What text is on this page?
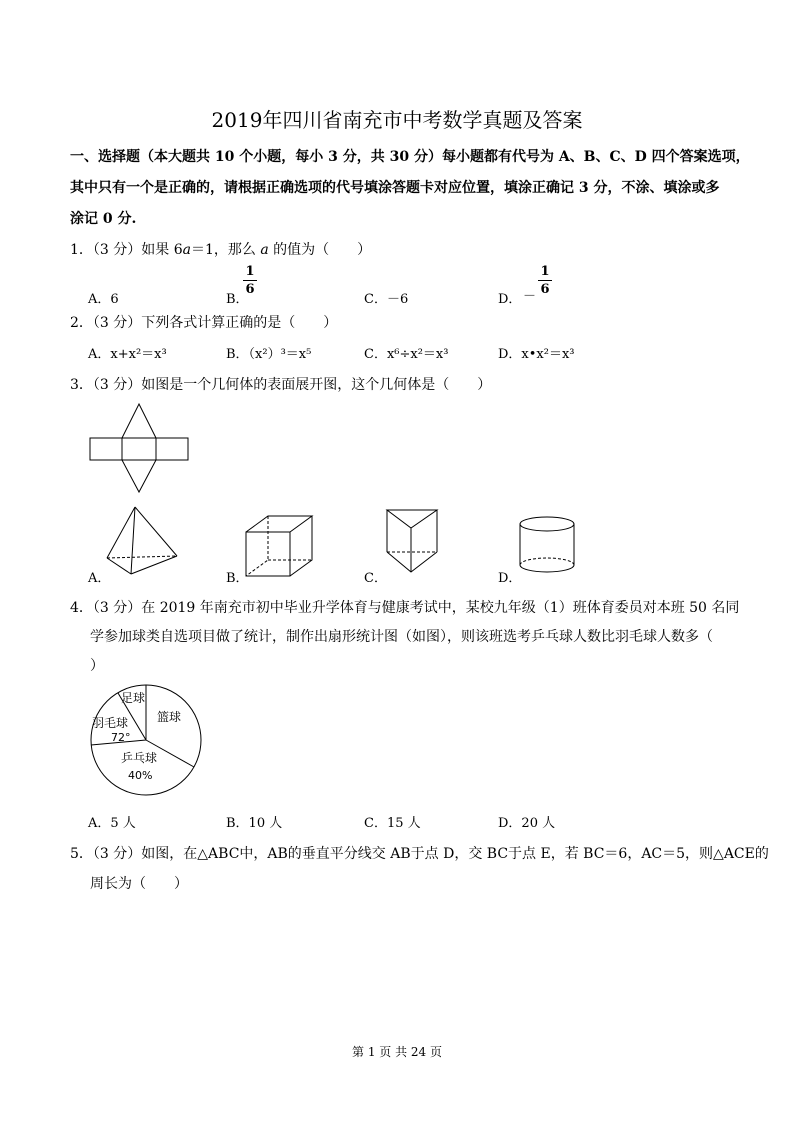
2019年四川省南充市中考数学真题及答案
一、选择题（本大题共 10 个小题，每小 3 分，共 30 分）每小题都有代号为 A、B、C、D 四个答案选项，
其中只有一个是正确的，请根据正确选项的代号填涂答题卡对应位置，填涂正确记 3 分，不涂、填涂或多
涂记 0 分.
1．（3 分）如果 6a＝1，那么 a 的值为（　　）
A．6	B．
1
6
C．－6	D． －
1
6
2．（3 分）下列各式计算正确的是（　　）
A．x+x²＝x³	B．（x²）³＝x⁵	C．x⁶÷x²＝x³	D．x•x²＝x³
3．（3 分）如图是一个几何体的表面展开图，这个几何体是（　　）
A．	B．	C．	D．
4．（3 分）在 2019 年南充市初中毕业升学体育与健康考试中，某校九年级（1）班体育委员对本班 50 名同
学参加球类自选项目做了统计，制作出扇形统计图（如图），则该班选考乒乓球人数比羽毛球人数多（
）
足球
篮球
羽毛球
72°
乒乓球
40%
A．5 人	B．10 人	C．15 人	D．20 人
5．（3 分）如图，在△ABC中，AB的垂直平分线交 AB于点 D，交 BC于点 E，若 BC＝6，AC＝5，则△ACE的
周长为（　　）
第 1 页 共 24 页
